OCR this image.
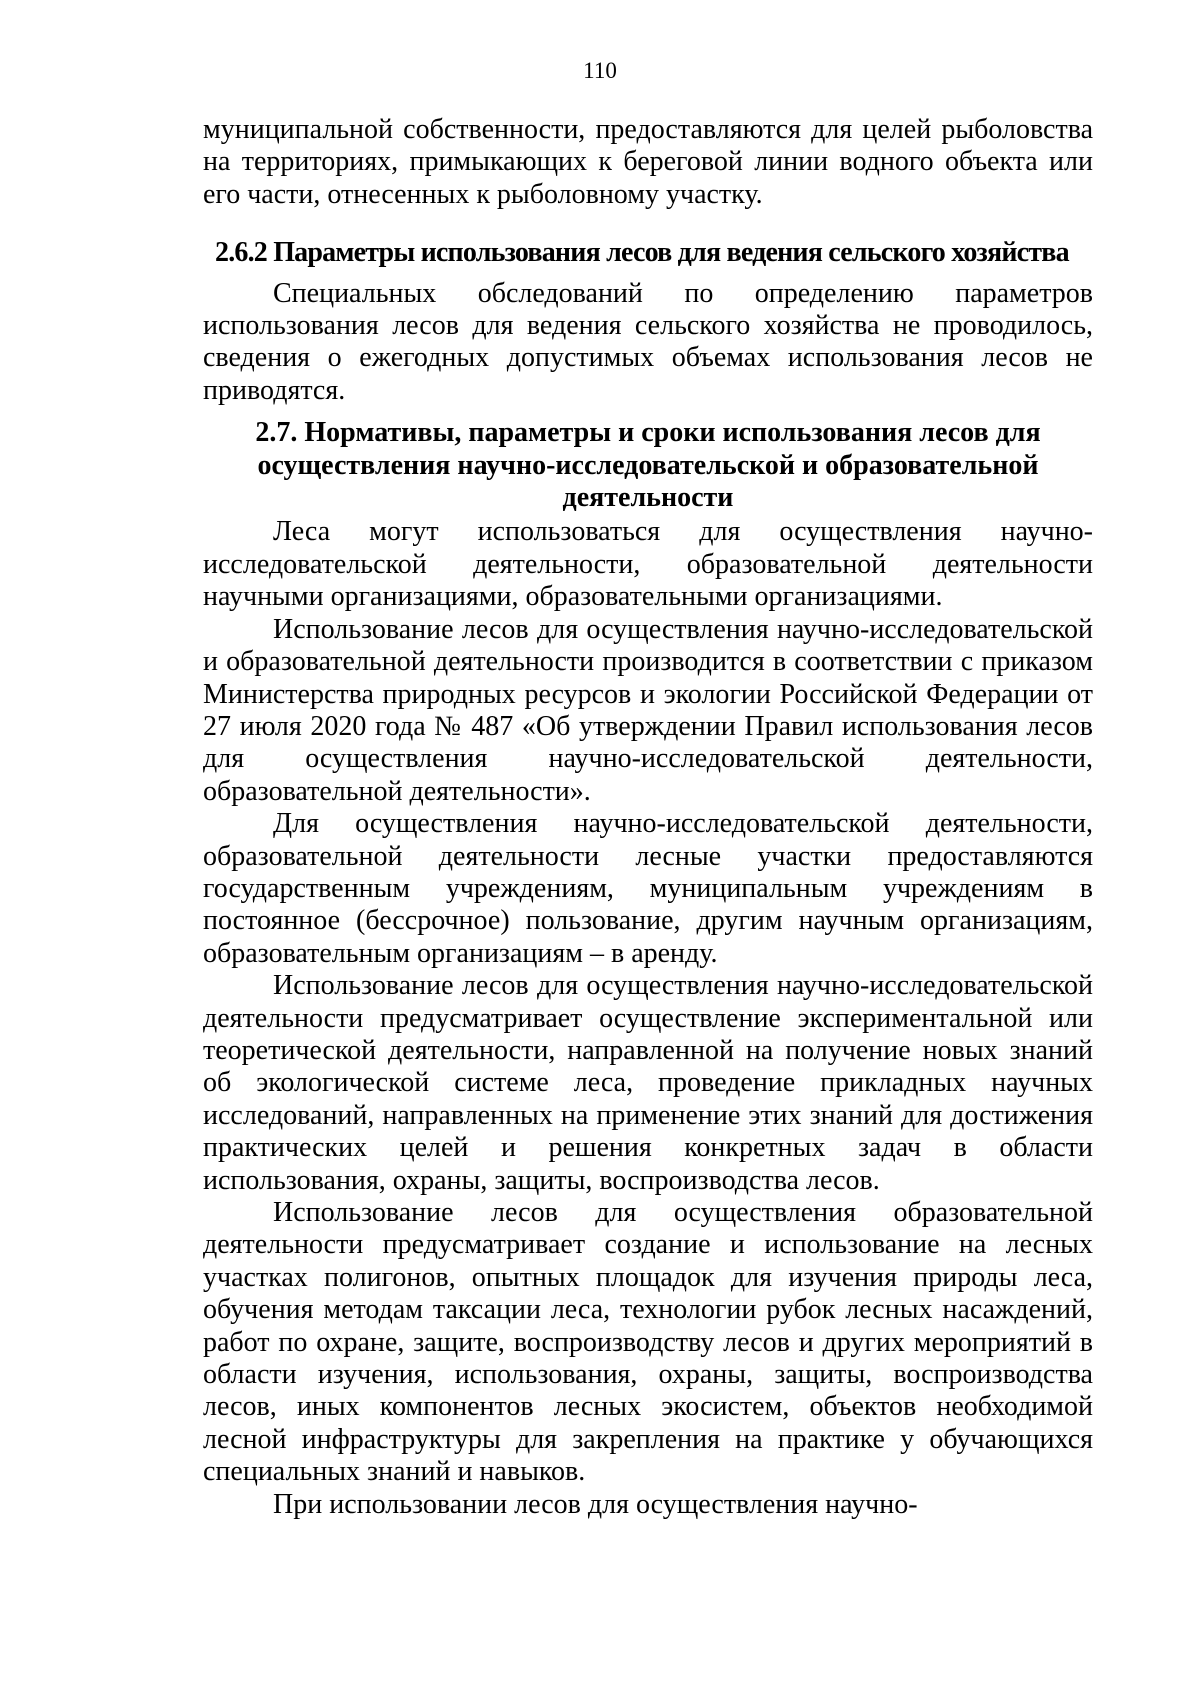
110

муниципальной собственности, предоставляются для целей рыболовства на территориях, примыкающих к береговой линии водного объекта или его части, отнесенных к рыболовному участку.

2.6.2 Параметры использования лесов для ведения сельского хозяйства

Специальных обследований по определению параметров использования лесов для ведения сельского хозяйства не проводилось, сведения о ежегодных допустимых объемах использования лесов не приводятся.

2.7. Нормативы, параметры и сроки использования лесов для осуществления научно-исследовательской и образовательной деятельности

Леса могут использоваться для осуществления научно-исследовательской деятельности, образовательной деятельности научными организациями, образовательными организациями.

Использование лесов для осуществления научно-исследовательской и образовательной деятельности производится в соответствии с приказом Министерства природных ресурсов и экологии Российской Федерации от 27 июля 2020 года № 487 «Об утверждении Правил использования лесов для осуществления научно-исследовательской деятельности, образовательной деятельности».

Для осуществления научно-исследовательской деятельности, образовательной деятельности лесные участки предоставляются государственным учреждениям, муниципальным учреждениям в постоянное (бессрочное) пользование, другим научным организациям, образовательным организациям – в аренду.

Использование лесов для осуществления научно-исследовательской деятельности предусматривает осуществление экспериментальной или теоретической деятельности, направленной на получение новых знаний об экологической системе леса, проведение прикладных научных исследований, направленных на применение этих знаний для достижения практических целей и решения конкретных задач в области использования, охраны, защиты, воспроизводства лесов.

Использование лесов для осуществления образовательной деятельности предусматривает создание и использование на лесных участках полигонов, опытных площадок для изучения природы леса, обучения методам таксации леса, технологии рубок лесных насаждений, работ по охране, защите, воспроизводству лесов и других мероприятий в области изучения, использования, охраны, защиты, воспроизводства лесов, иных компонентов лесных экосистем, объектов необходимой лесной инфраструктуры для закрепления на практике у обучающихся специальных знаний и навыков.

При использовании лесов для осуществления научно-
